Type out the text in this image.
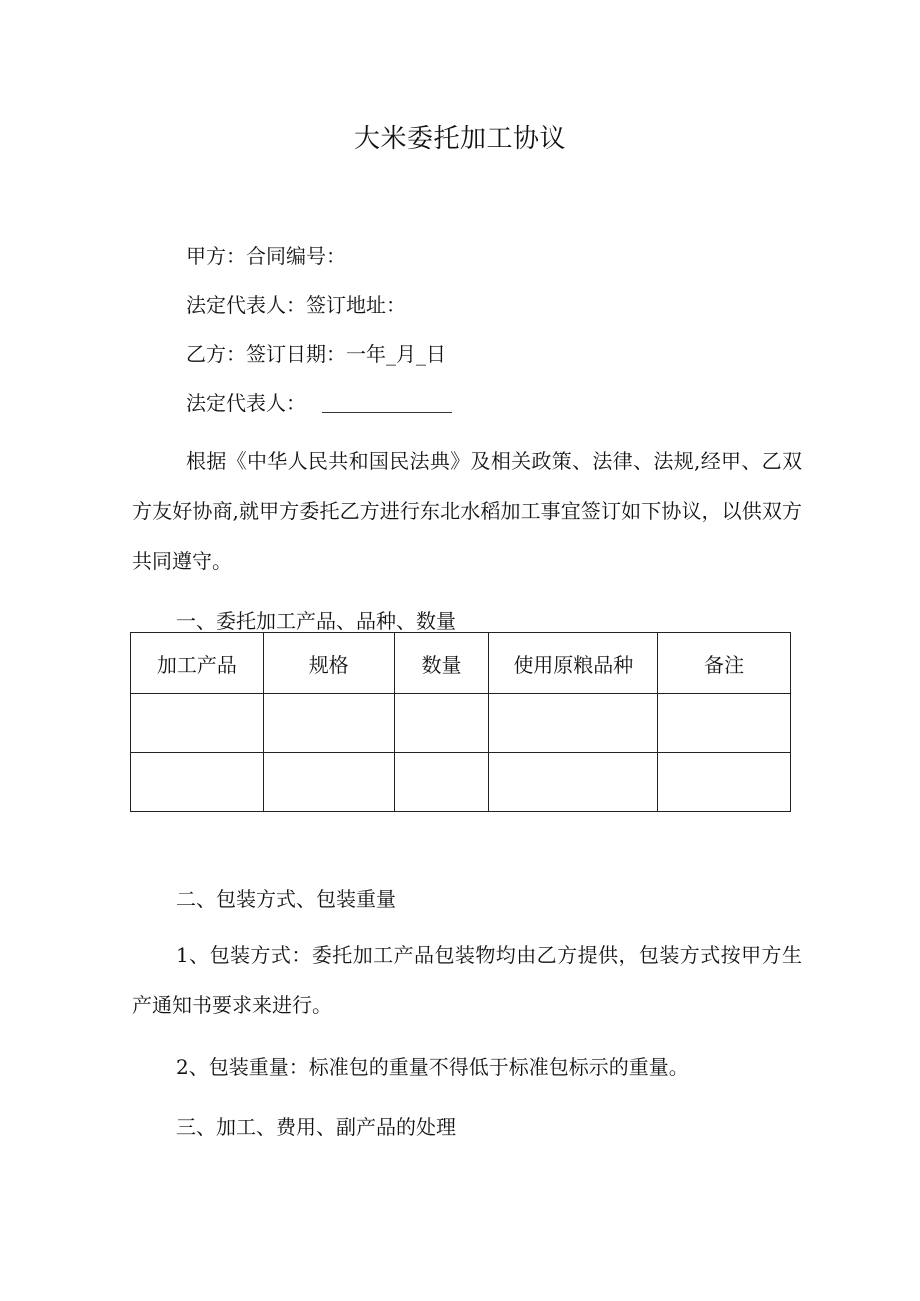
大米委托加工协议
甲方：合同编号：
法定代表人：签订地址：
乙方：签订日期：一年_月_日
法定代表人：
根据《中华人民共和国民法典》及相关政策、法律、法规,经甲、乙双方友好协商,就甲方委托乙方进行东北水稻加工事宜签订如下协议，以供双方共同遵守。
一、委托加工产品、品种、数量
加工产品	规格	数量	使用原粮品种	备注

二、包装方式、包装重量
1、包装方式：委托加工产品包装物均由乙方提供，包装方式按甲方生产通知书要求来进行。
2、包装重量：标准包的重量不得低于标准包标示的重量。
三、加工、费用、副产品的处理
